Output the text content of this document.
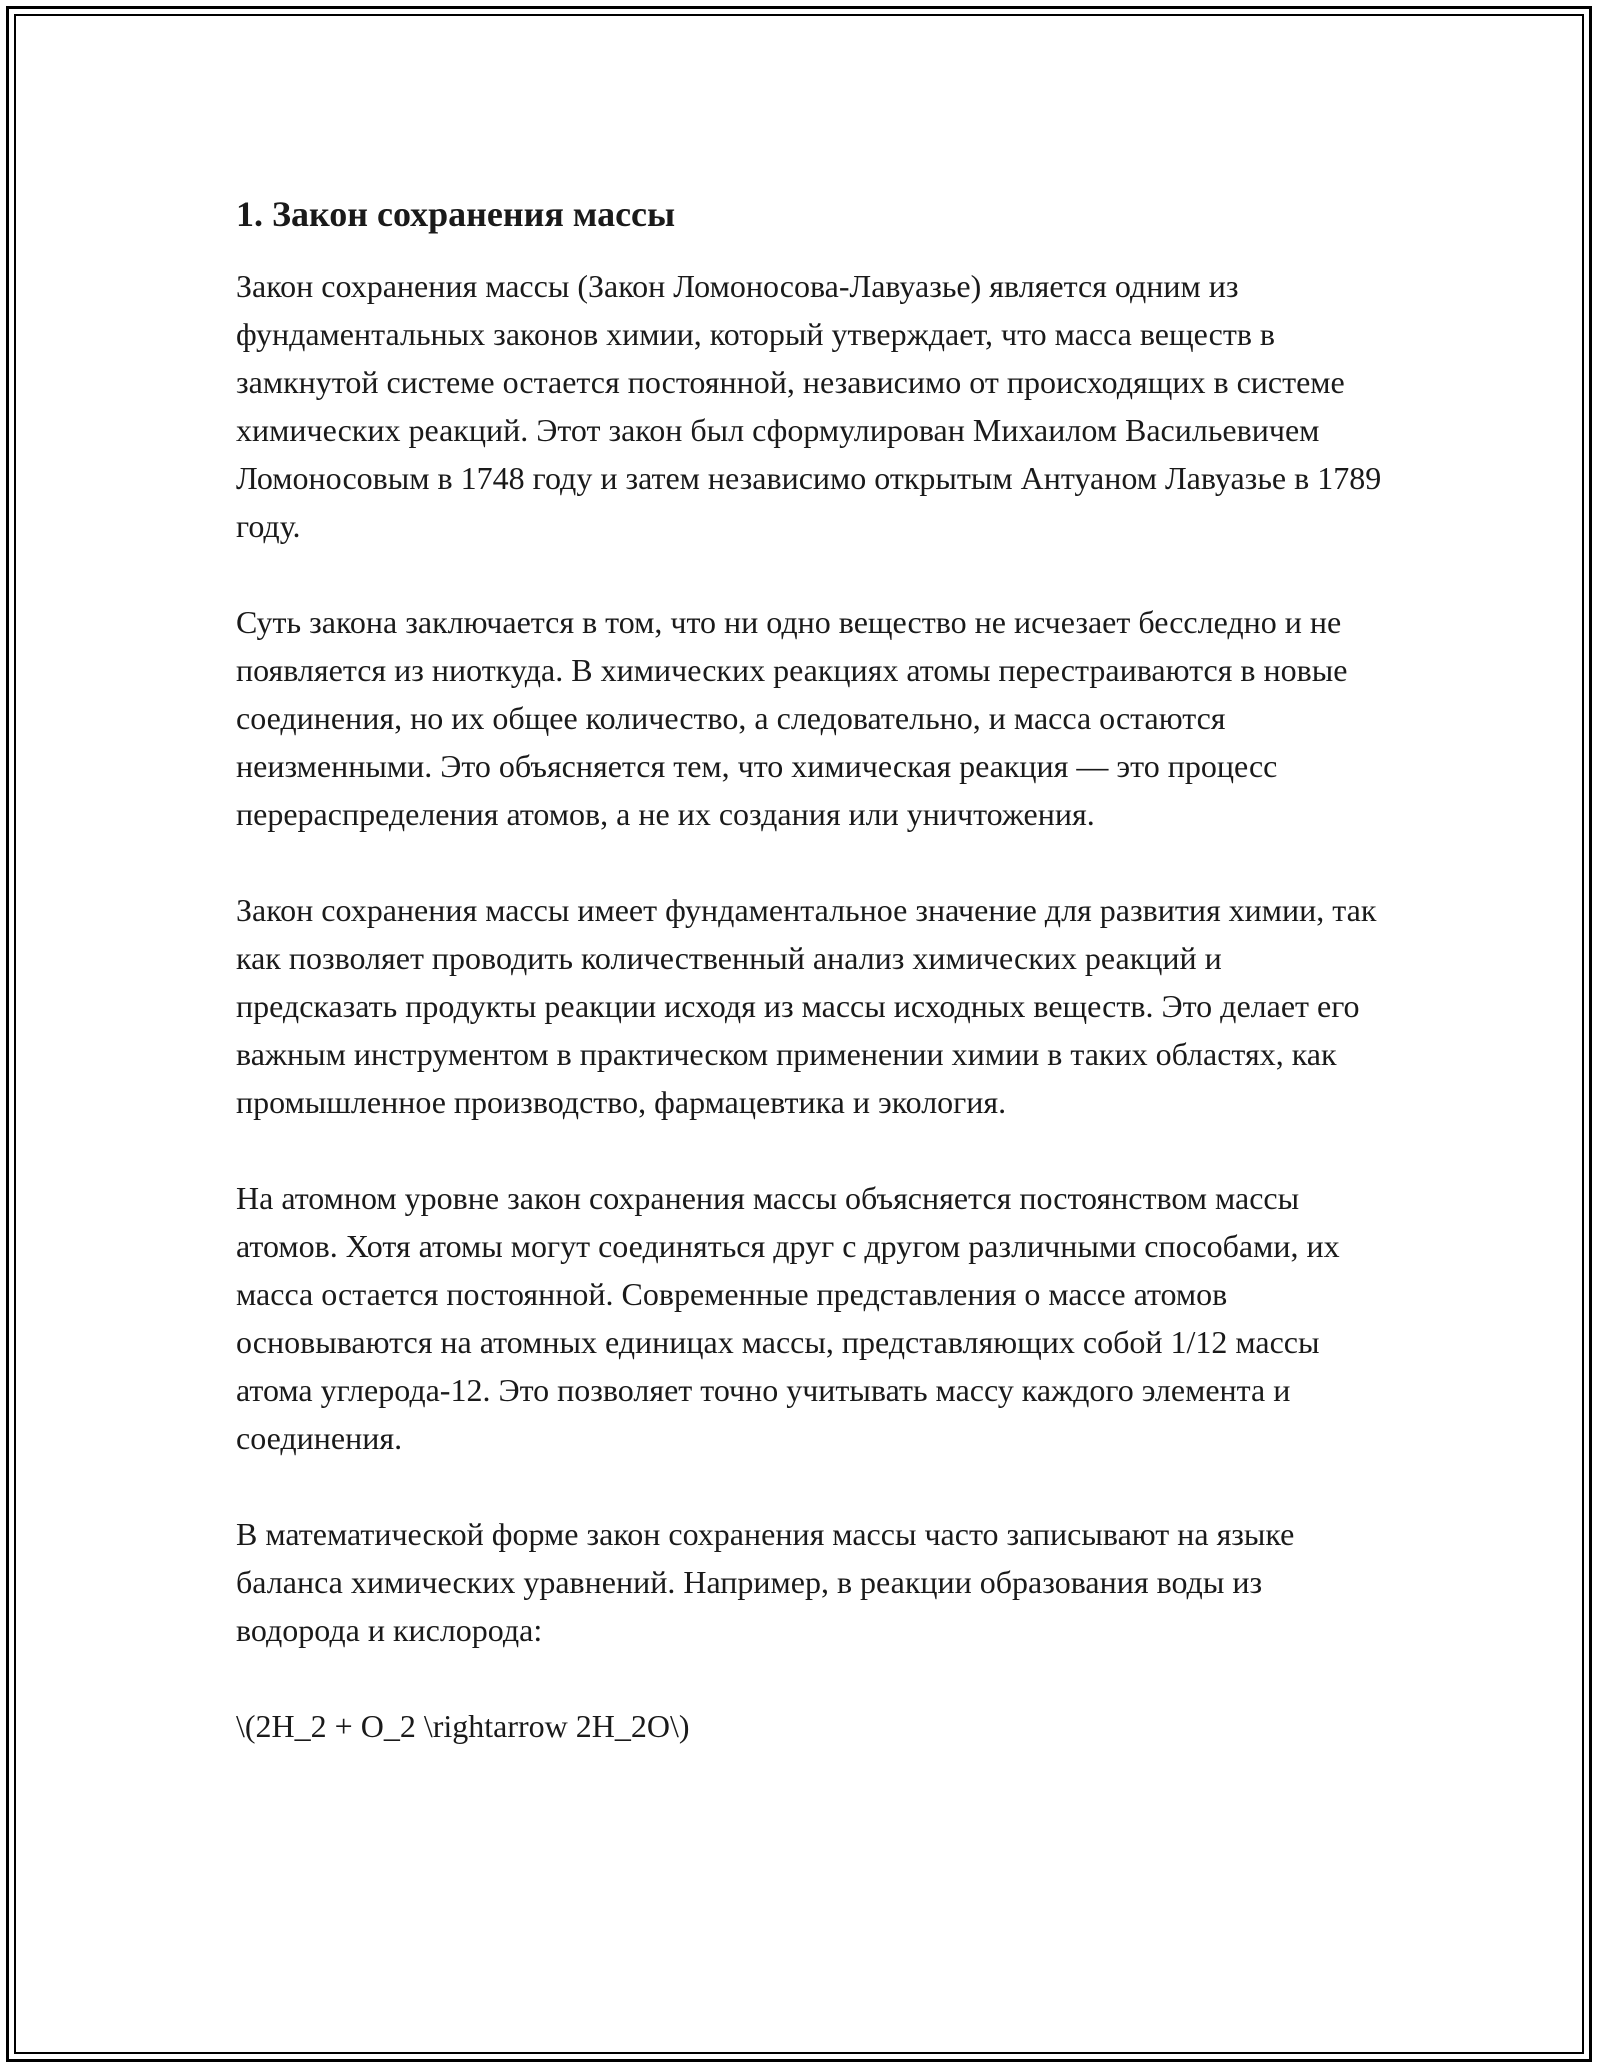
1. Закон сохранения массы

Закон сохранения массы (Закон Ломоносова-Лавуазье) является одним из фундаментальных законов химии, который утверждает, что масса веществ в замкнутой системе остается постоянной, независимо от происходящих в системе химических реакций. Этот закон был сформулирован Михаилом Васильевичем Ломоносовым в 1748 году и затем независимо открытым Антуаном Лавуазье в 1789 году.

Суть закона заключается в том, что ни одно вещество не исчезает бесследно и не появляется из ниоткуда. В химических реакциях атомы перестраиваются в новые соединения, но их общее количество, а следовательно, и масса остаются неизменными. Это объясняется тем, что химическая реакция — это процесс перераспределения атомов, а не их создания или уничтожения.

Закон сохранения массы имеет фундаментальное значение для развития химии, так как позволяет проводить количественный анализ химических реакций и предсказать продукты реакции исходя из массы исходных веществ. Это делает его важным инструментом в практическом применении химии в таких областях, как промышленное производство, фармацевтика и экология.

На атомном уровне закон сохранения массы объясняется постоянством массы атомов. Хотя атомы могут соединяться друг с другом различными способами, их масса остается постоянной. Современные представления о массе атомов основываются на атомных единицах массы, представляющих собой 1/12 массы атома углерода-12. Это позволяет точно учитывать массу каждого элемента и соединения.

В математической форме закон сохранения массы часто записывают на языке баланса химических уравнений. Например, в реакции образования воды из водорода и кислорода:

\(2H_2 + O_2 \rightarrow 2H_2O\)
